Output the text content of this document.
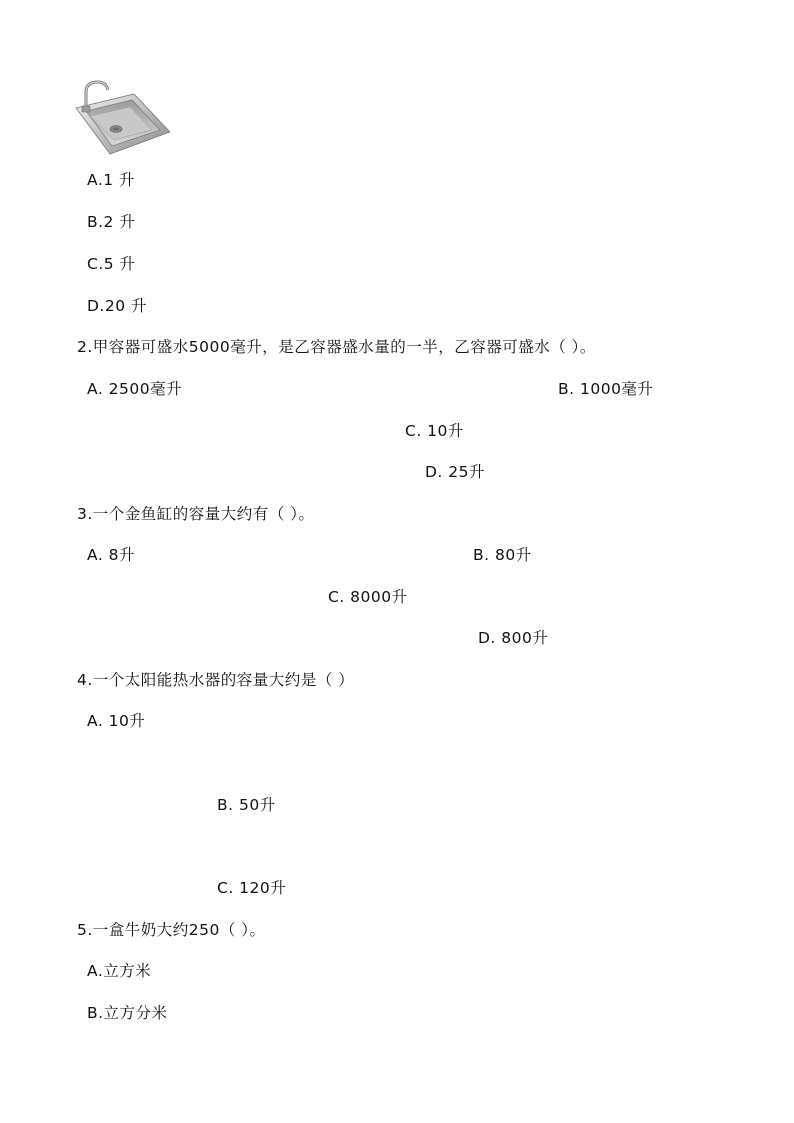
A.1 升
B.2 升
C.5 升
D.20 升
2.甲容器可盛水5000毫升，是乙容器盛水量的一半，乙容器可盛水（ ）。
A. 2500毫升	B. 1000毫升
C. 10升
D. 25升
3.一个金鱼缸的容量大约有（ ）。
A. 8升	B. 80升
C. 8000升
D. 800升
4.一个太阳能热水器的容量大约是（ ）
A. 10升
B. 50升
C. 120升
5.一盒牛奶大约250（ ）。
A.立方米
B.立方分米
